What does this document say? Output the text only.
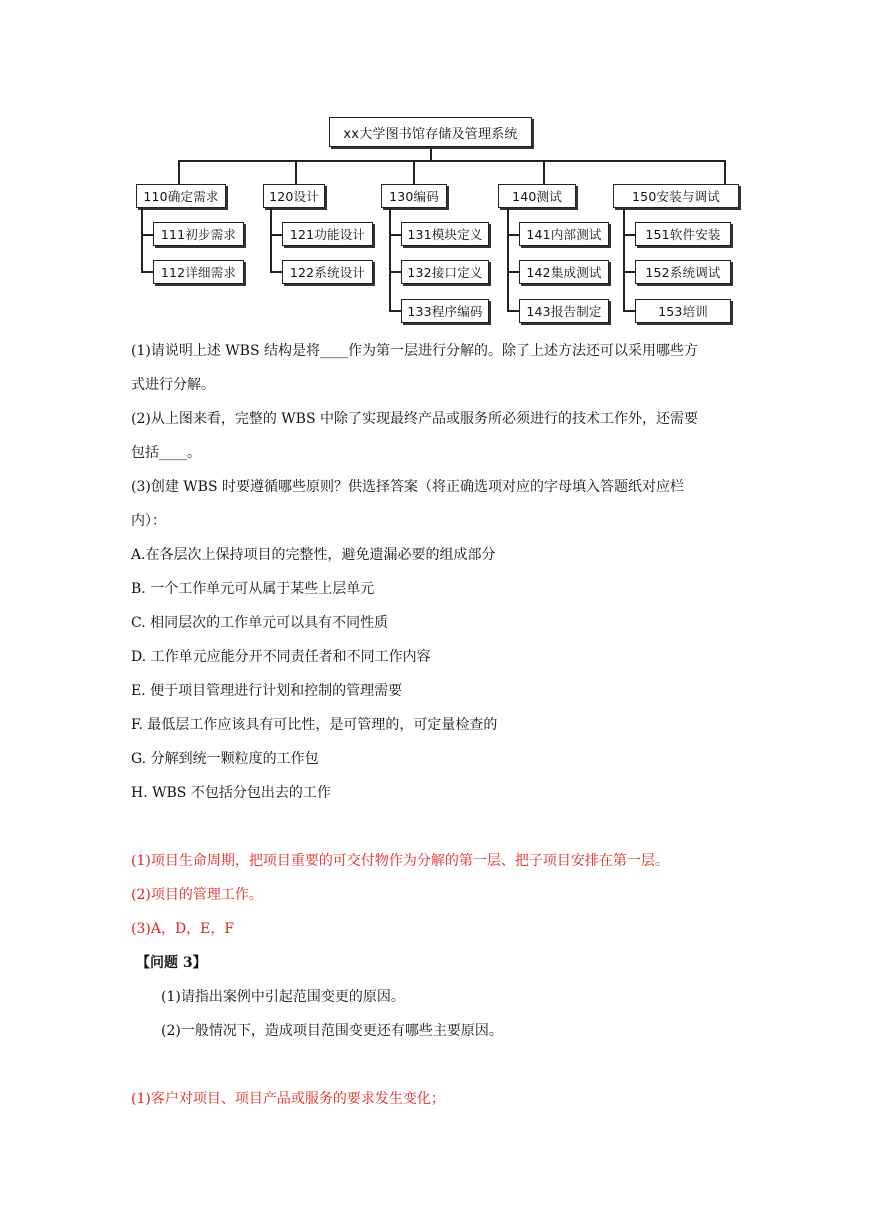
xx大学图书馆存储及管理系统
110确定需求	120设计	130编码	140测试	150安装与调试
111初步需求
112详细需求
121功能设计
122系统设计
131模块定义
132接口定义
133程序编码
141内部测试
142集成测试
143报告制定
151软件安装
152系统调试
153培训
(1)请说明上述 WBS 结构是将____作为第一层进行分解的。除了上述方法还可以采用哪些方
式进行分解。
(2)从上图来看，完整的 WBS 中除了实现最终产品或服务所必须进行的技术工作外，还需要
包括____。
(3)创建 WBS 时要遵循哪些原则？供选择答案（将正确选项对应的字母填入答题纸对应栏
内）：
A.在各层次上保持项目的完整性，避免遗漏必要的组成部分
B. 一个工作单元可从属于某些上层单元
C. 相同层次的工作单元可以具有不同性质
D. 工作单元应能分开不同责任者和不同工作内容
E. 便于项目管理进行计划和控制的管理需要
F. 最低层工作应该具有可比性，是可管理的，可定量检查的
G. 分解到统一颗粒度的工作包
H. WBS 不包括分包出去的工作
(1)项目生命周期，把项目重要的可交付物作为分解的第一层、把子项目安排在第一层。
(2)项目的管理工作。
(3)A，D，E，F
【问题 3】
(1)请指出案例中引起范围变更的原因。
(2)一般情况下，造成项目范围变更还有哪些主要原因。
(1)客户对项目、项目产品或服务的要求发生变化；
